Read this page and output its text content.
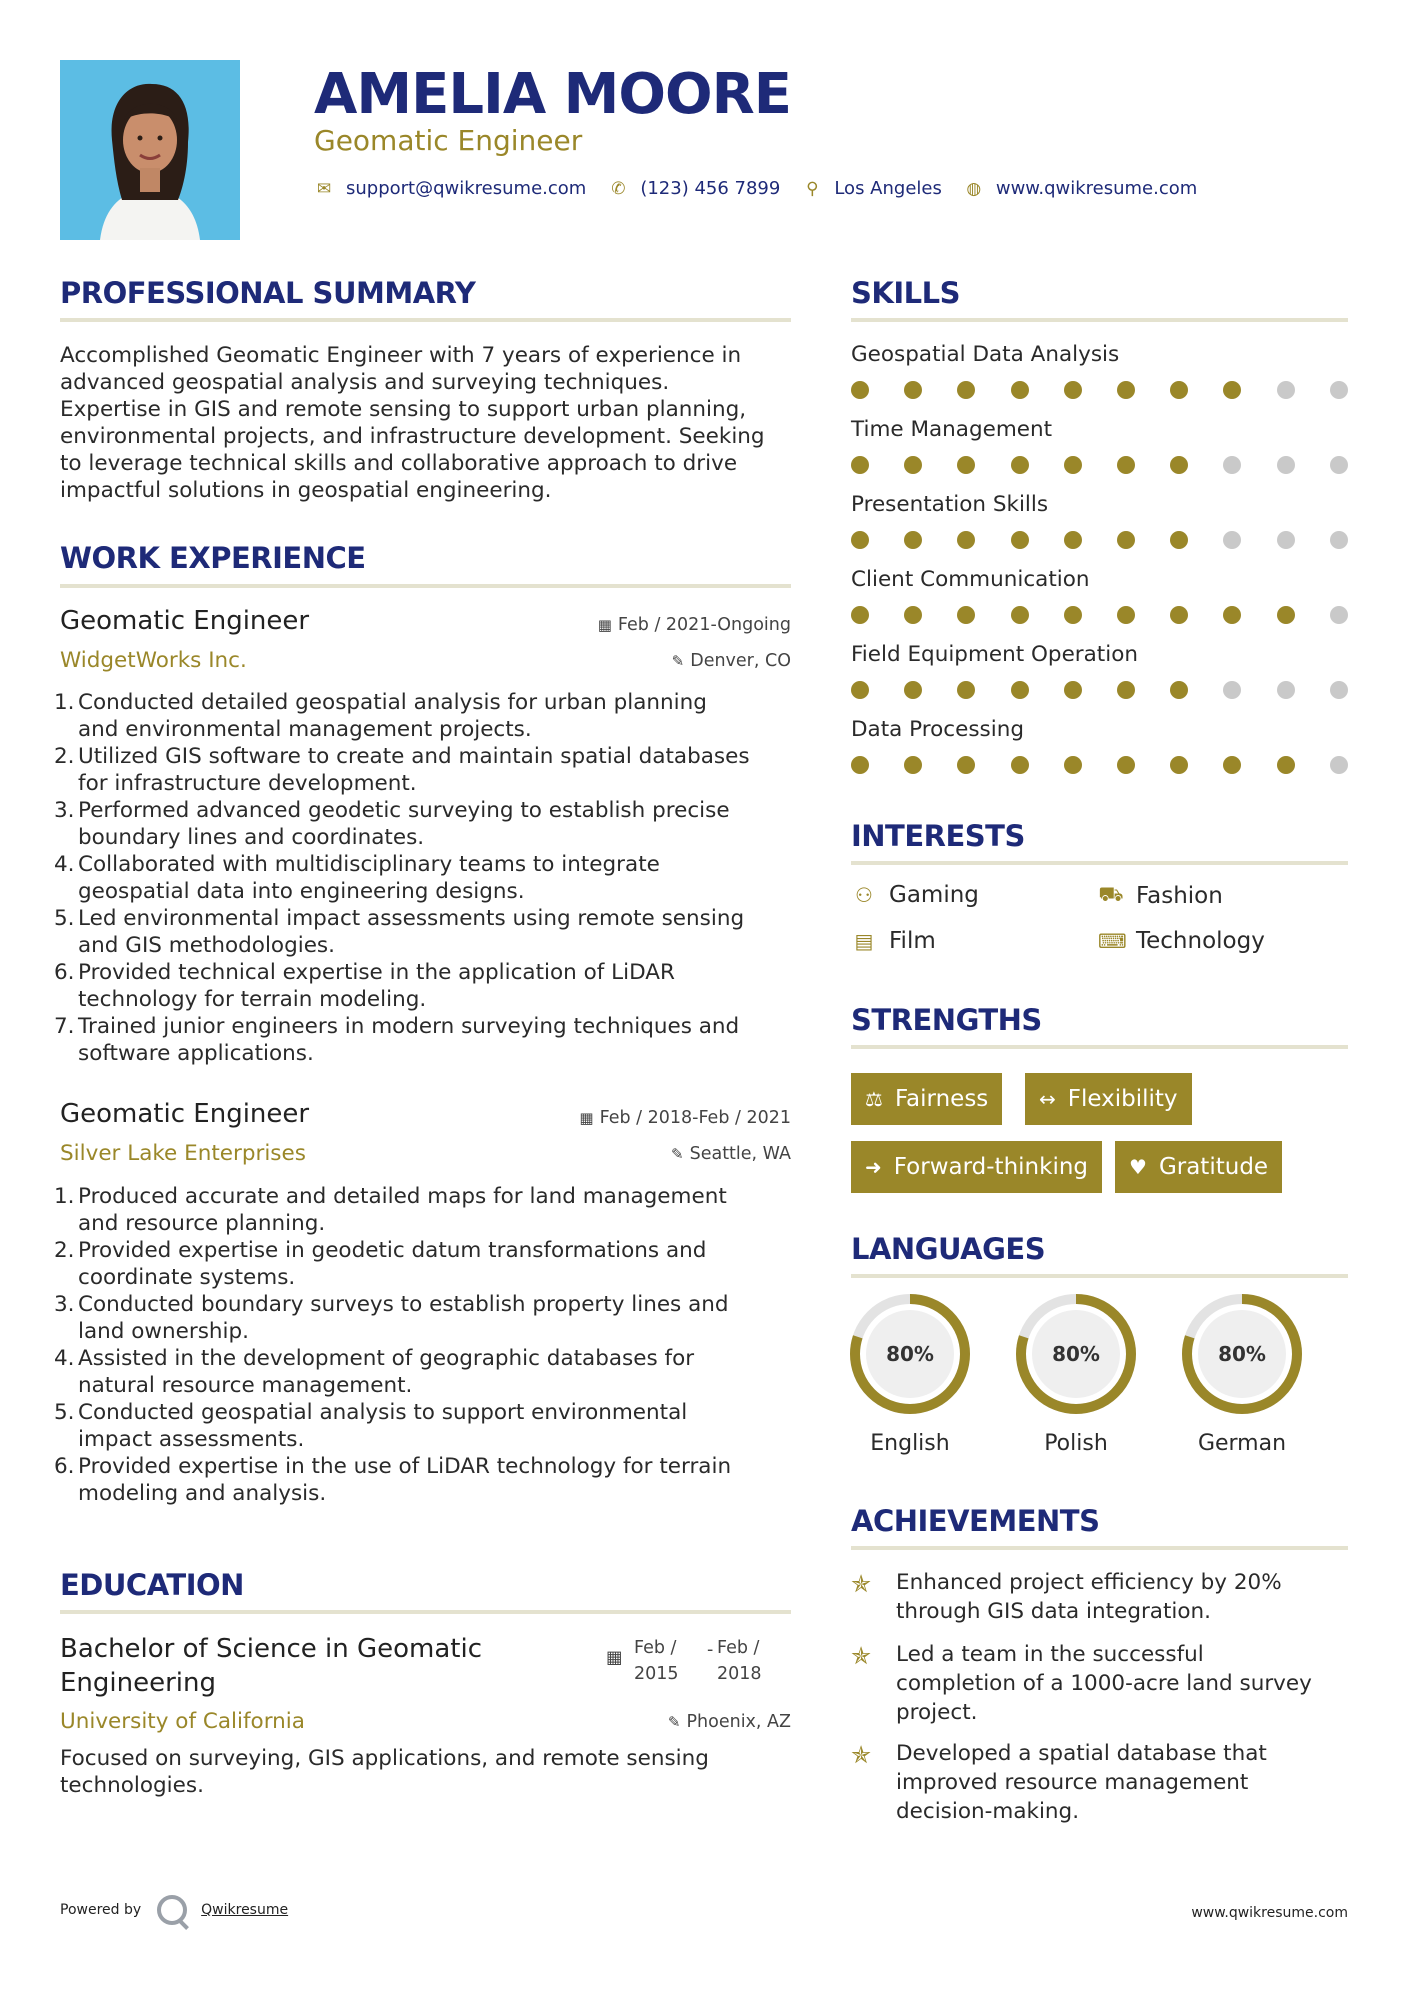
AMELIA MOORE
Geomatic Engineer
✉ support@qwikresume.com ✆ (123) 456 7899 ⚲ Los Angeles ◍ www.qwikresume.com
PROFESSIONAL SUMMARY
Accomplished Geomatic Engineer with 7 years of experience in
advanced geospatial analysis and surveying techniques.
Expertise in GIS and remote sensing to support urban planning,
environmental projects, and infrastructure development. Seeking
to leverage technical skills and collaborative approach to drive
impactful solutions in geospatial engineering.
WORK EXPERIENCE
Geomatic Engineer	▦ Feb / 2021-Ongoing
WidgetWorks Inc.	✎ Denver, CO
1. Conducted detailed geospatial analysis for urban planning
and environmental management projects.
2. Utilized GIS software to create and maintain spatial databases
for infrastructure development.
3. Performed advanced geodetic surveying to establish precise
boundary lines and coordinates.
4. Collaborated with multidisciplinary teams to integrate
geospatial data into engineering designs.
5. Led environmental impact assessments using remote sensing
and GIS methodologies.
6. Provided technical expertise in the application of LiDAR
technology for terrain modeling.
7. Trained junior engineers in modern surveying techniques and
software applications.
Geomatic Engineer	▦ Feb / 2018-Feb / 2021
Silver Lake Enterprises	✎ Seattle, WA
1. Produced accurate and detailed maps for land management
and resource planning.
2. Provided expertise in geodetic datum transformations and
coordinate systems.
3. Conducted boundary surveys to establish property lines and
land ownership.
4. Assisted in the development of geographic databases for
natural resource management.
5. Conducted geospatial analysis to support environmental
impact assessments.
6. Provided expertise in the use of LiDAR technology for terrain
modeling and analysis.
EDUCATION
Bachelor of Science in Geomatic
Engineering
▦ Feb /
2015
- Feb /
2018
University of California	✎ Phoenix, AZ
Focused on surveying, GIS applications, and remote sensing
technologies.
SKILLS
Geospatial Data Analysis
Time Management
Presentation Skills
Client Communication
Field Equipment Operation
Data Processing
INTERESTS
⚇ Gaming	⛟ Fashion
▤ Film	⌨ Technology
STRENGTHS
⚖ Fairness	↔ Flexibility
➜ Forward-thinking ♥ Gratitude
LANGUAGES
80%
English
80%
Polish
80%
German
ACHIEVEMENTS
✯ Enhanced project efficiency by 20%
through GIS data integration.
✯ Led a team in the successful
completion of a 1000-acre land survey
project.
✯ Developed a spatial database that
improved resource management
decision-making.
Powered by	Qwikresume	www.qwikresume.com
